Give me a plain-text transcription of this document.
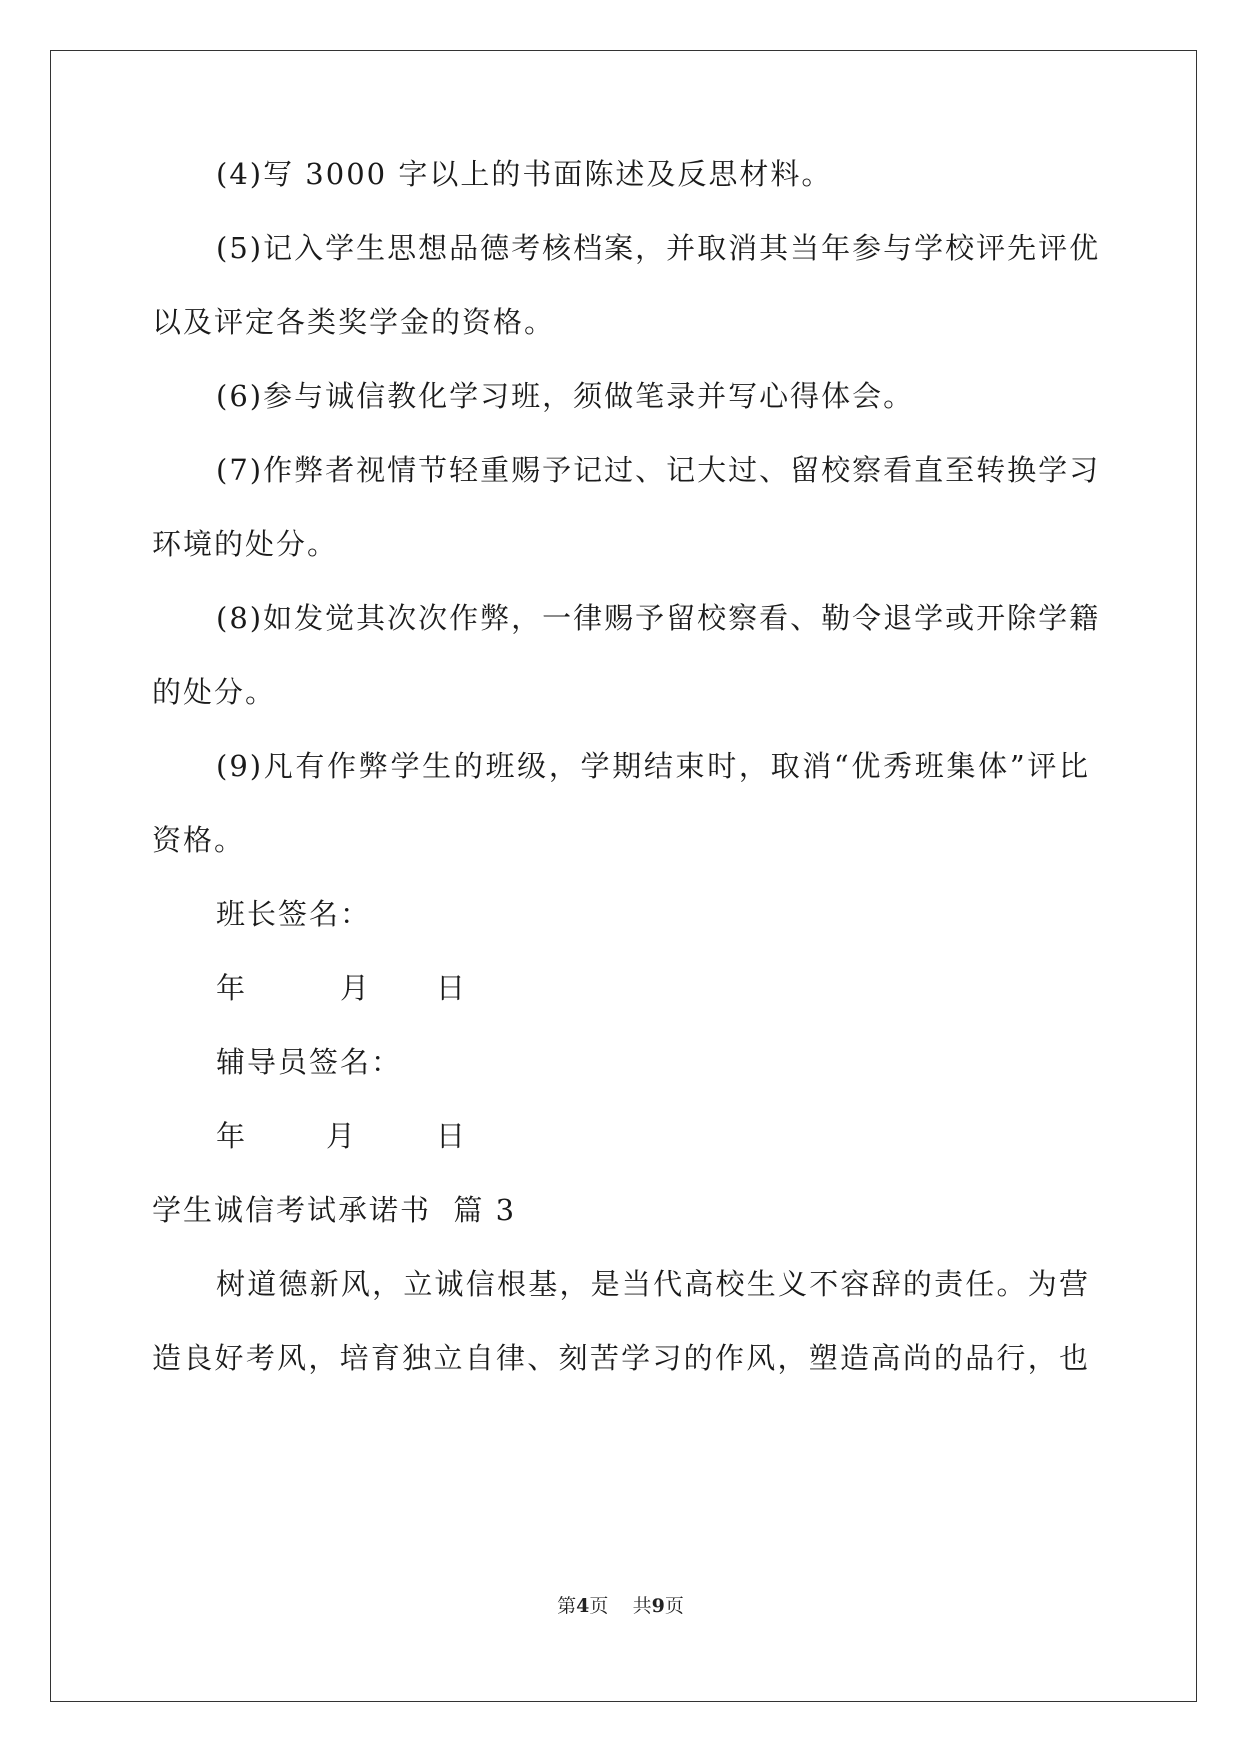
(4)写 3000 字以上的书面陈述及反思材料。
(5)记入学生思想品德考核档案，并取消其当年参与学校评先评优
以及评定各类奖学金的资格。
(6)参与诚信教化学习班，须做笔录并写心得体会。
(7)作弊者视情节轻重赐予记过、记大过、留校察看直至转换学习
环境的处分。
(8)如发觉其次次作弊，一律赐予留校察看、勒令退学或开除学籍
的处分。
(9)凡有作弊学生的班级，学期结束时，取消“优秀班集体”评比
资格。
班长签名：
年	月 日
辅导员签名：
年	月	日
学生诚信考试承诺书  篇 3
树道德新风，立诚信根基，是当代高校生义不容辞的责任。为营
造良好考风，培育独立自律、刻苦学习的作风，塑造高尚的品行，也
第4页    共9页
